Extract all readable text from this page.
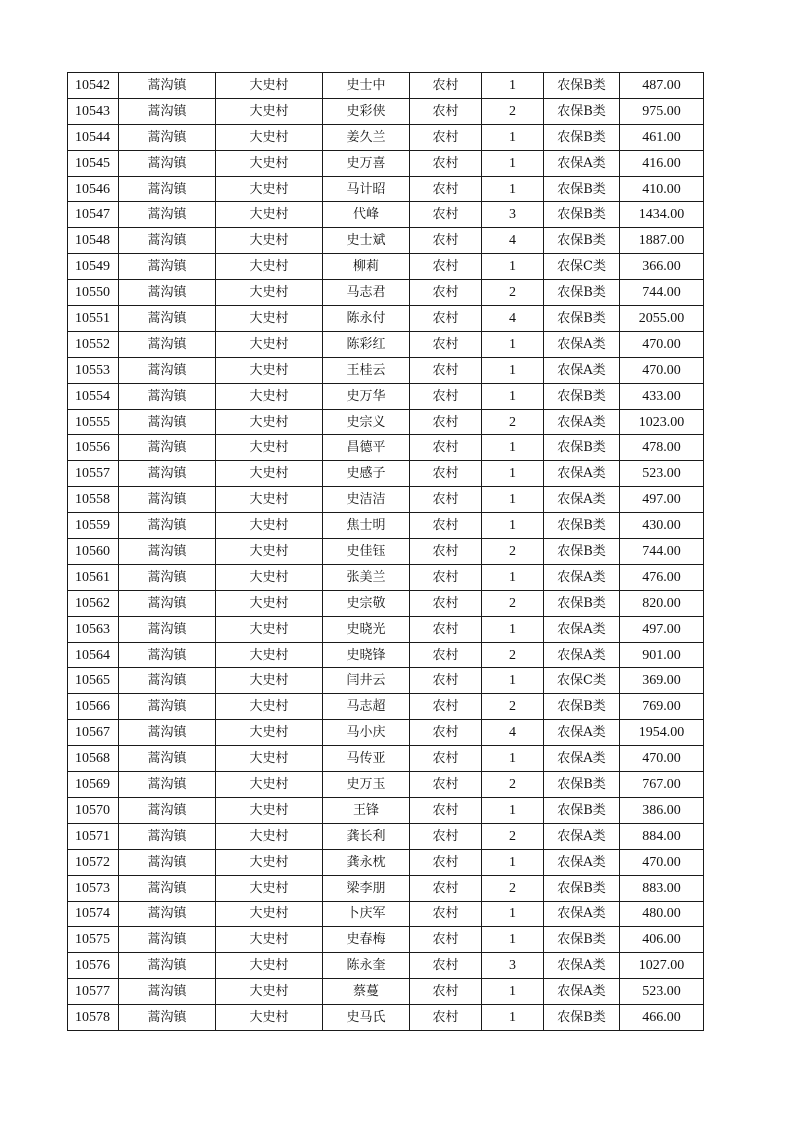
10542	蒿沟镇	大史村	史士中	农村	1	农保B类	487.00
10543	蒿沟镇	大史村	史彩侠	农村	2	农保B类	975.00
10544	蒿沟镇	大史村	姜久兰	农村	1	农保B类	461.00
10545	蒿沟镇	大史村	史万喜	农村	1	农保A类	416.00
10546	蒿沟镇	大史村	马计昭	农村	1	农保B类	410.00
10547	蒿沟镇	大史村	代峰	农村	3	农保B类	1434.00
10548	蒿沟镇	大史村	史士斌	农村	4	农保B类	1887.00
10549	蒿沟镇	大史村	柳莉	农村	1	农保C类	366.00
10550	蒿沟镇	大史村	马志君	农村	2	农保B类	744.00
10551	蒿沟镇	大史村	陈永付	农村	4	农保B类	2055.00
10552	蒿沟镇	大史村	陈彩红	农村	1	农保A类	470.00
10553	蒿沟镇	大史村	王桂云	农村	1	农保A类	470.00
10554	蒿沟镇	大史村	史万华	农村	1	农保B类	433.00
10555	蒿沟镇	大史村	史宗义	农村	2	农保A类	1023.00
10556	蒿沟镇	大史村	昌德平	农村	1	农保B类	478.00
10557	蒿沟镇	大史村	史感子	农村	1	农保A类	523.00
10558	蒿沟镇	大史村	史洁洁	农村	1	农保A类	497.00
10559	蒿沟镇	大史村	焦士明	农村	1	农保B类	430.00
10560	蒿沟镇	大史村	史佳钰	农村	2	农保B类	744.00
10561	蒿沟镇	大史村	张美兰	农村	1	农保A类	476.00
10562	蒿沟镇	大史村	史宗敬	农村	2	农保B类	820.00
10563	蒿沟镇	大史村	史晓光	农村	1	农保A类	497.00
10564	蒿沟镇	大史村	史晓锋	农村	2	农保A类	901.00
10565	蒿沟镇	大史村	闫井云	农村	1	农保C类	369.00
10566	蒿沟镇	大史村	马志超	农村	2	农保B类	769.00
10567	蒿沟镇	大史村	马小庆	农村	4	农保A类	1954.00
10568	蒿沟镇	大史村	马传亚	农村	1	农保A类	470.00
10569	蒿沟镇	大史村	史万玉	农村	2	农保B类	767.00
10570	蒿沟镇	大史村	王锋	农村	1	农保B类	386.00
10571	蒿沟镇	大史村	龚长利	农村	2	农保A类	884.00
10572	蒿沟镇	大史村	龚永枕	农村	1	农保A类	470.00
10573	蒿沟镇	大史村	梁李朋	农村	2	农保B类	883.00
10574	蒿沟镇	大史村	卜庆军	农村	1	农保A类	480.00
10575	蒿沟镇	大史村	史春梅	农村	1	农保B类	406.00
10576	蒿沟镇	大史村	陈永奎	农村	3	农保A类	1027.00
10577	蒿沟镇	大史村	蔡蔓	农村	1	农保A类	523.00
10578	蒿沟镇	大史村	史马氏	农村	1	农保B类	466.00
